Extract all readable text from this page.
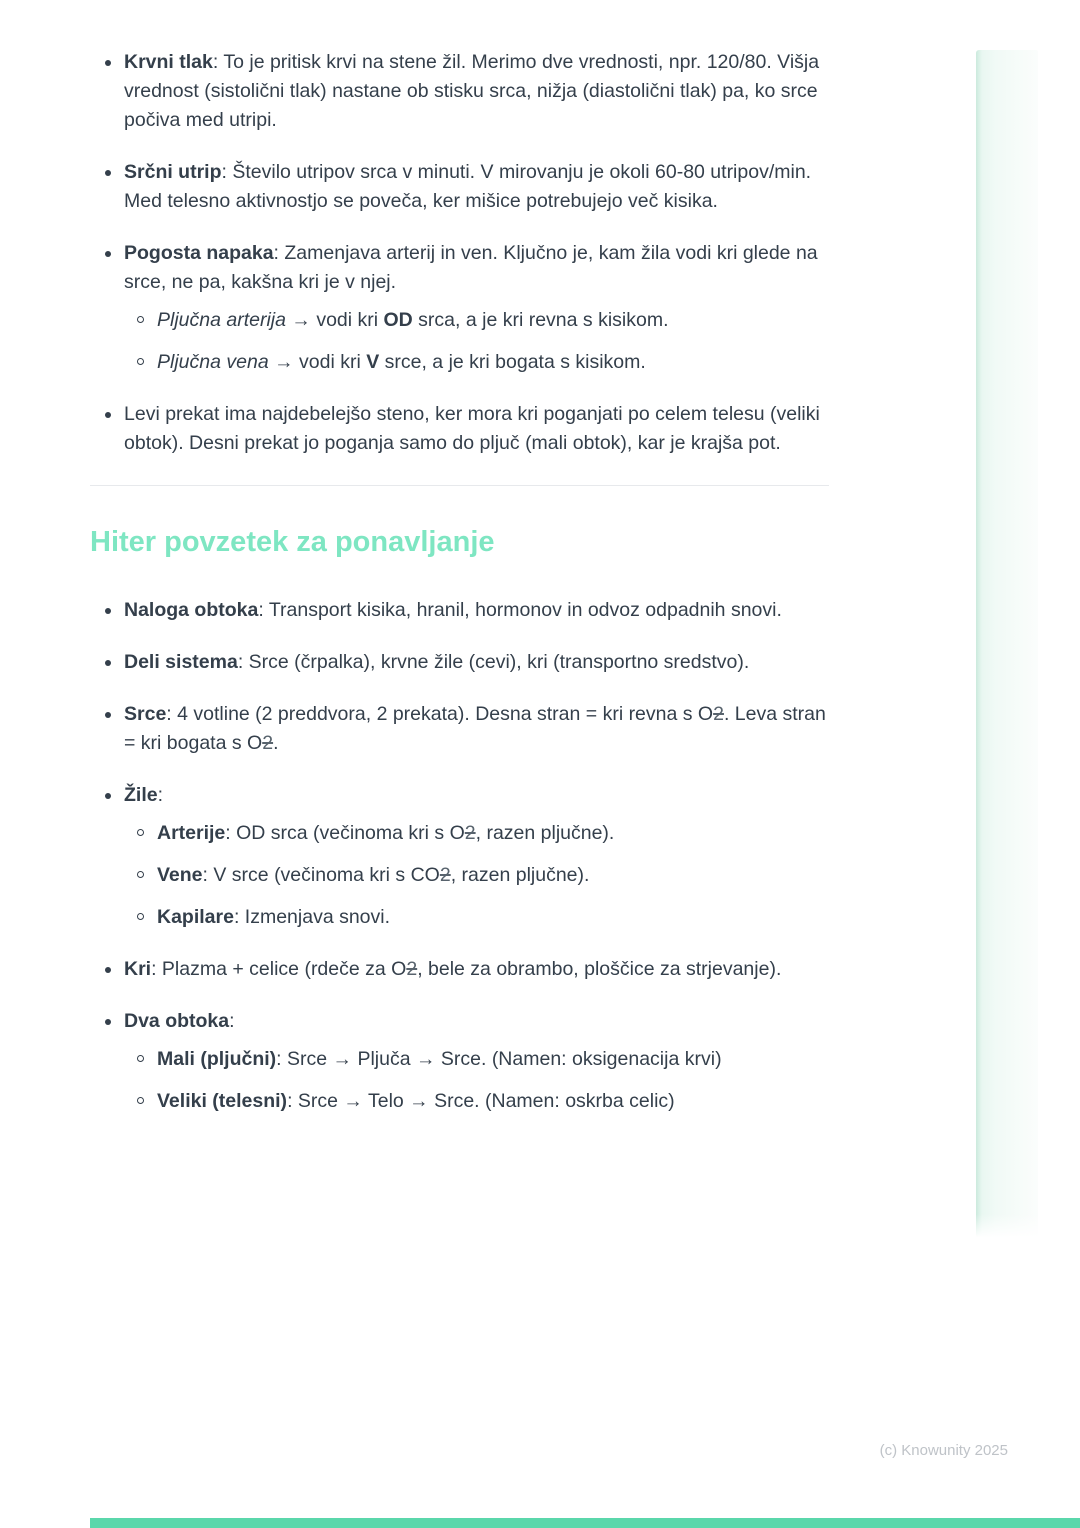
Krvni tlak: To je pritisk krvi na stene žil. Merimo dve vrednosti, npr. 120/80. Višja vrednost (sistolični tlak) nastane ob stisku srca, nižja (diastolični tlak) pa, ko srce počiva med utripi.
Srčni utrip: Število utripov srca v minuti. V mirovanju je okoli 60-80 utripov/min. Med telesno aktivnostjo se poveča, ker mišice potrebujejo več kisika.
Pogosta napaka: Zamenjava arterij in ven. Ključno je, kam žila vodi kri glede na srce, ne pa, kakšna kri je v njej.
Pljučna arterija → vodi kri OD srca, a je kri revna s kisikom.
Pljučna vena → vodi kri V srce, a je kri bogata s kisikom.
Levi prekat ima najdebelejšo steno, ker mora kri poganjati po celem telesu (veliki obtok). Desni prekat jo poganja samo do pljuč (mali obtok), kar je krajša pot.
Hiter povzetek za ponavljanje
Naloga obtoka: Transport kisika, hranil, hormonov in odvoz odpadnih snovi.
Deli sistema: Srce (črpalka), krvne žile (cevi), kri (transportno sredstvo).
Srce: 4 votline (2 preddvora, 2 prekata). Desna stran = kri revna s O2. Leva stran = kri bogata s O2.
Žile:
Arterije: OD srca (večinoma kri s O2, razen pljučne).
Vene: V srce (večinoma kri s CO2, razen pljučne).
Kapilare: Izmenjava snovi.
Kri: Plazma + celice (rdeče za O2, bele za obrambo, ploščice za strjevanje).
Dva obtoka:
Mali (pljučni): Srce → Pljuča → Srce. (Namen: oksigenacija krvi)
Veliki (telesni): Srce → Telo → Srce. (Namen: oskrba celic)
(c) Knowunity 2025
